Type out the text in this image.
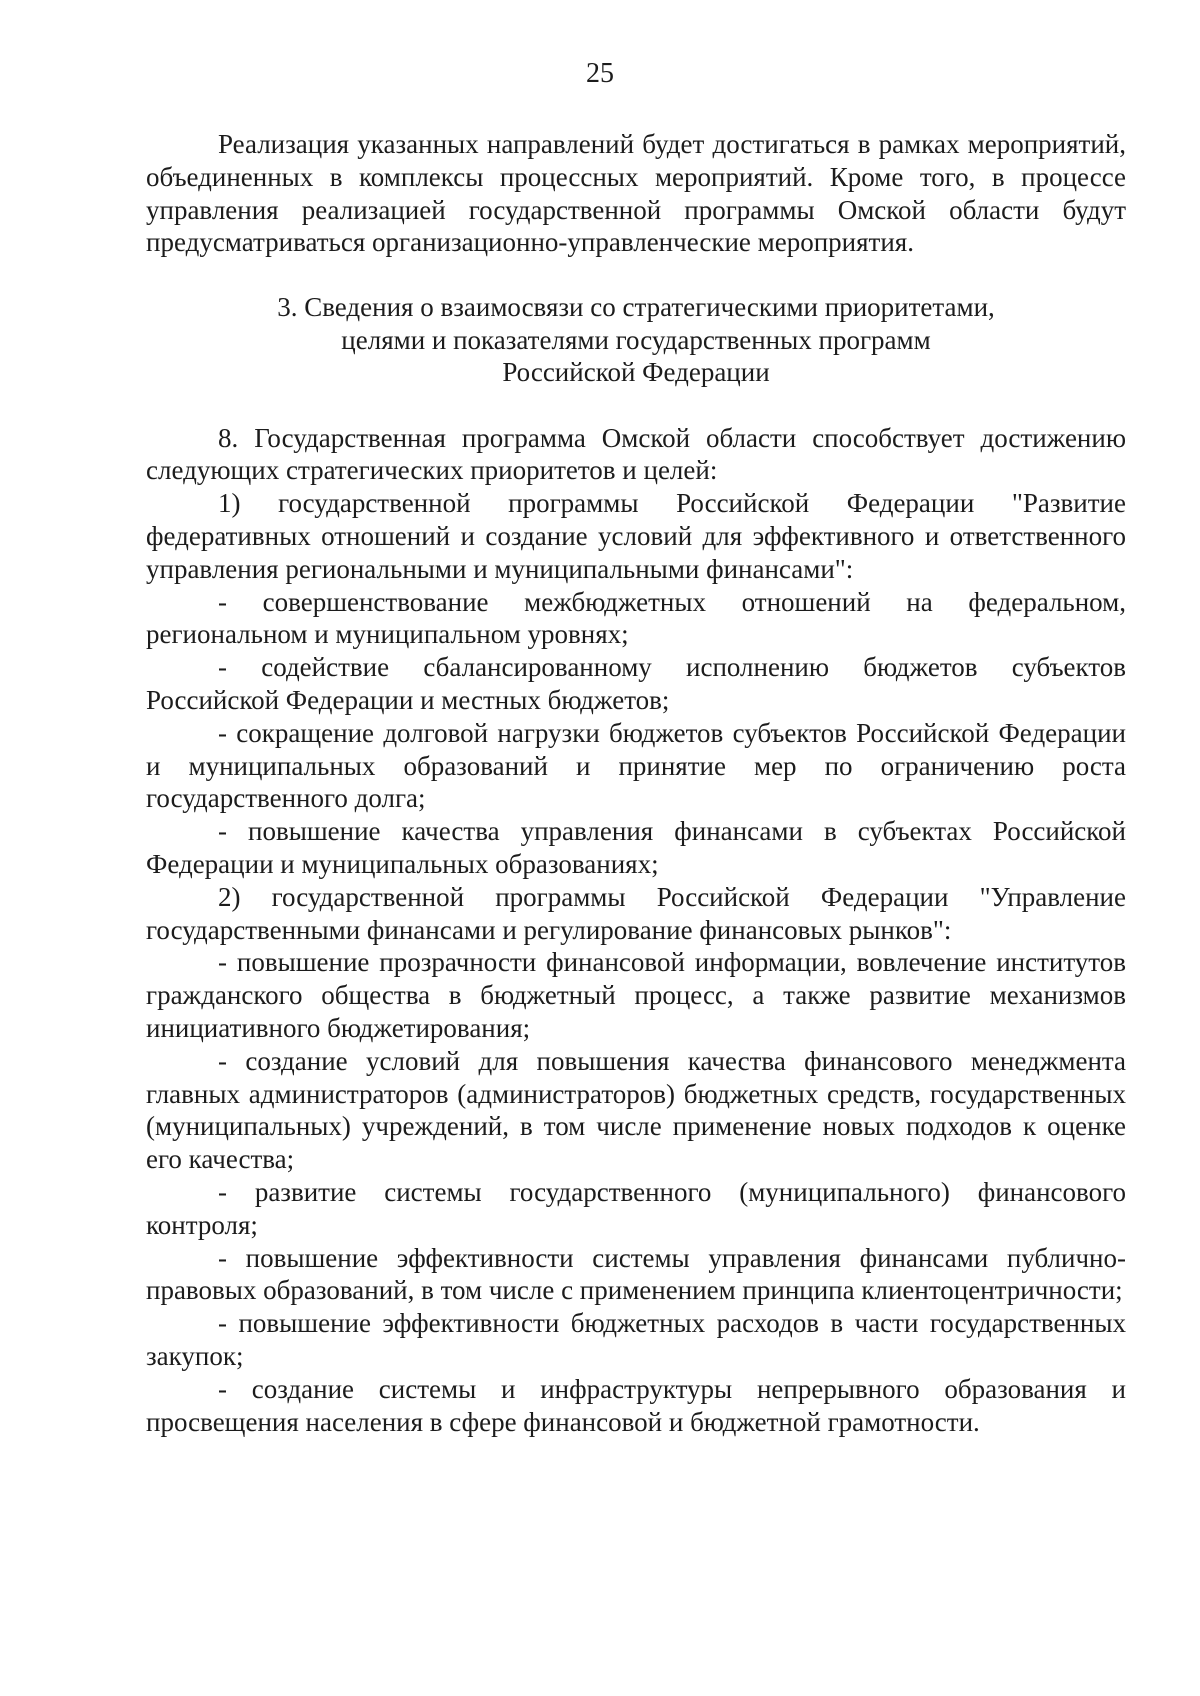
25

Реализация указанных направлений будет достигаться в рамках мероприятий, объединенных в комплексы процессных мероприятий. Кроме того, в процессе управления реализацией государственной программы Омской области будут предусматриваться организационно-управленческие мероприятия.

3. Сведения о взаимосвязи со стратегическими приоритетами,
целями и показателями государственных программ
Российской Федерации

8. Государственная программа Омской области способствует достижению следующих стратегических приоритетов и целей:

1) государственной программы Российской Федерации "Развитие федеративных отношений и создание условий для эффективного и ответственного управления региональными и муниципальными финансами":

- совершенствование межбюджетных отношений на федеральном, региональном и муниципальном уровнях;

- содействие сбалансированному исполнению бюджетов субъектов Российской Федерации и местных бюджетов;

- сокращение долговой нагрузки бюджетов субъектов Российской Федерации и муниципальных образований и принятие мер по ограничению роста государственного долга;

- повышение качества управления финансами в субъектах Российской Федерации и муниципальных образованиях;

2) государственной программы Российской Федерации "Управление государственными финансами и регулирование финансовых рынков":

- повышение прозрачности финансовой информации, вовлечение институтов гражданского общества в бюджетный процесс, а также развитие механизмов инициативного бюджетирования;

- создание условий для повышения качества финансового менеджмента главных администраторов (администраторов) бюджетных средств, государственных (муниципальных) учреждений, в том числе применение новых подходов к оценке его качества;

- развитие системы государственного (муниципального) финансового контроля;

- повышение эффективности системы управления финансами публично-правовых образований, в том числе с применением принципа клиентоцентричности;

- повышение эффективности бюджетных расходов в части государственных закупок;

- создание системы и инфраструктуры непрерывного образования и просвещения населения в сфере финансовой и бюджетной грамотности.
